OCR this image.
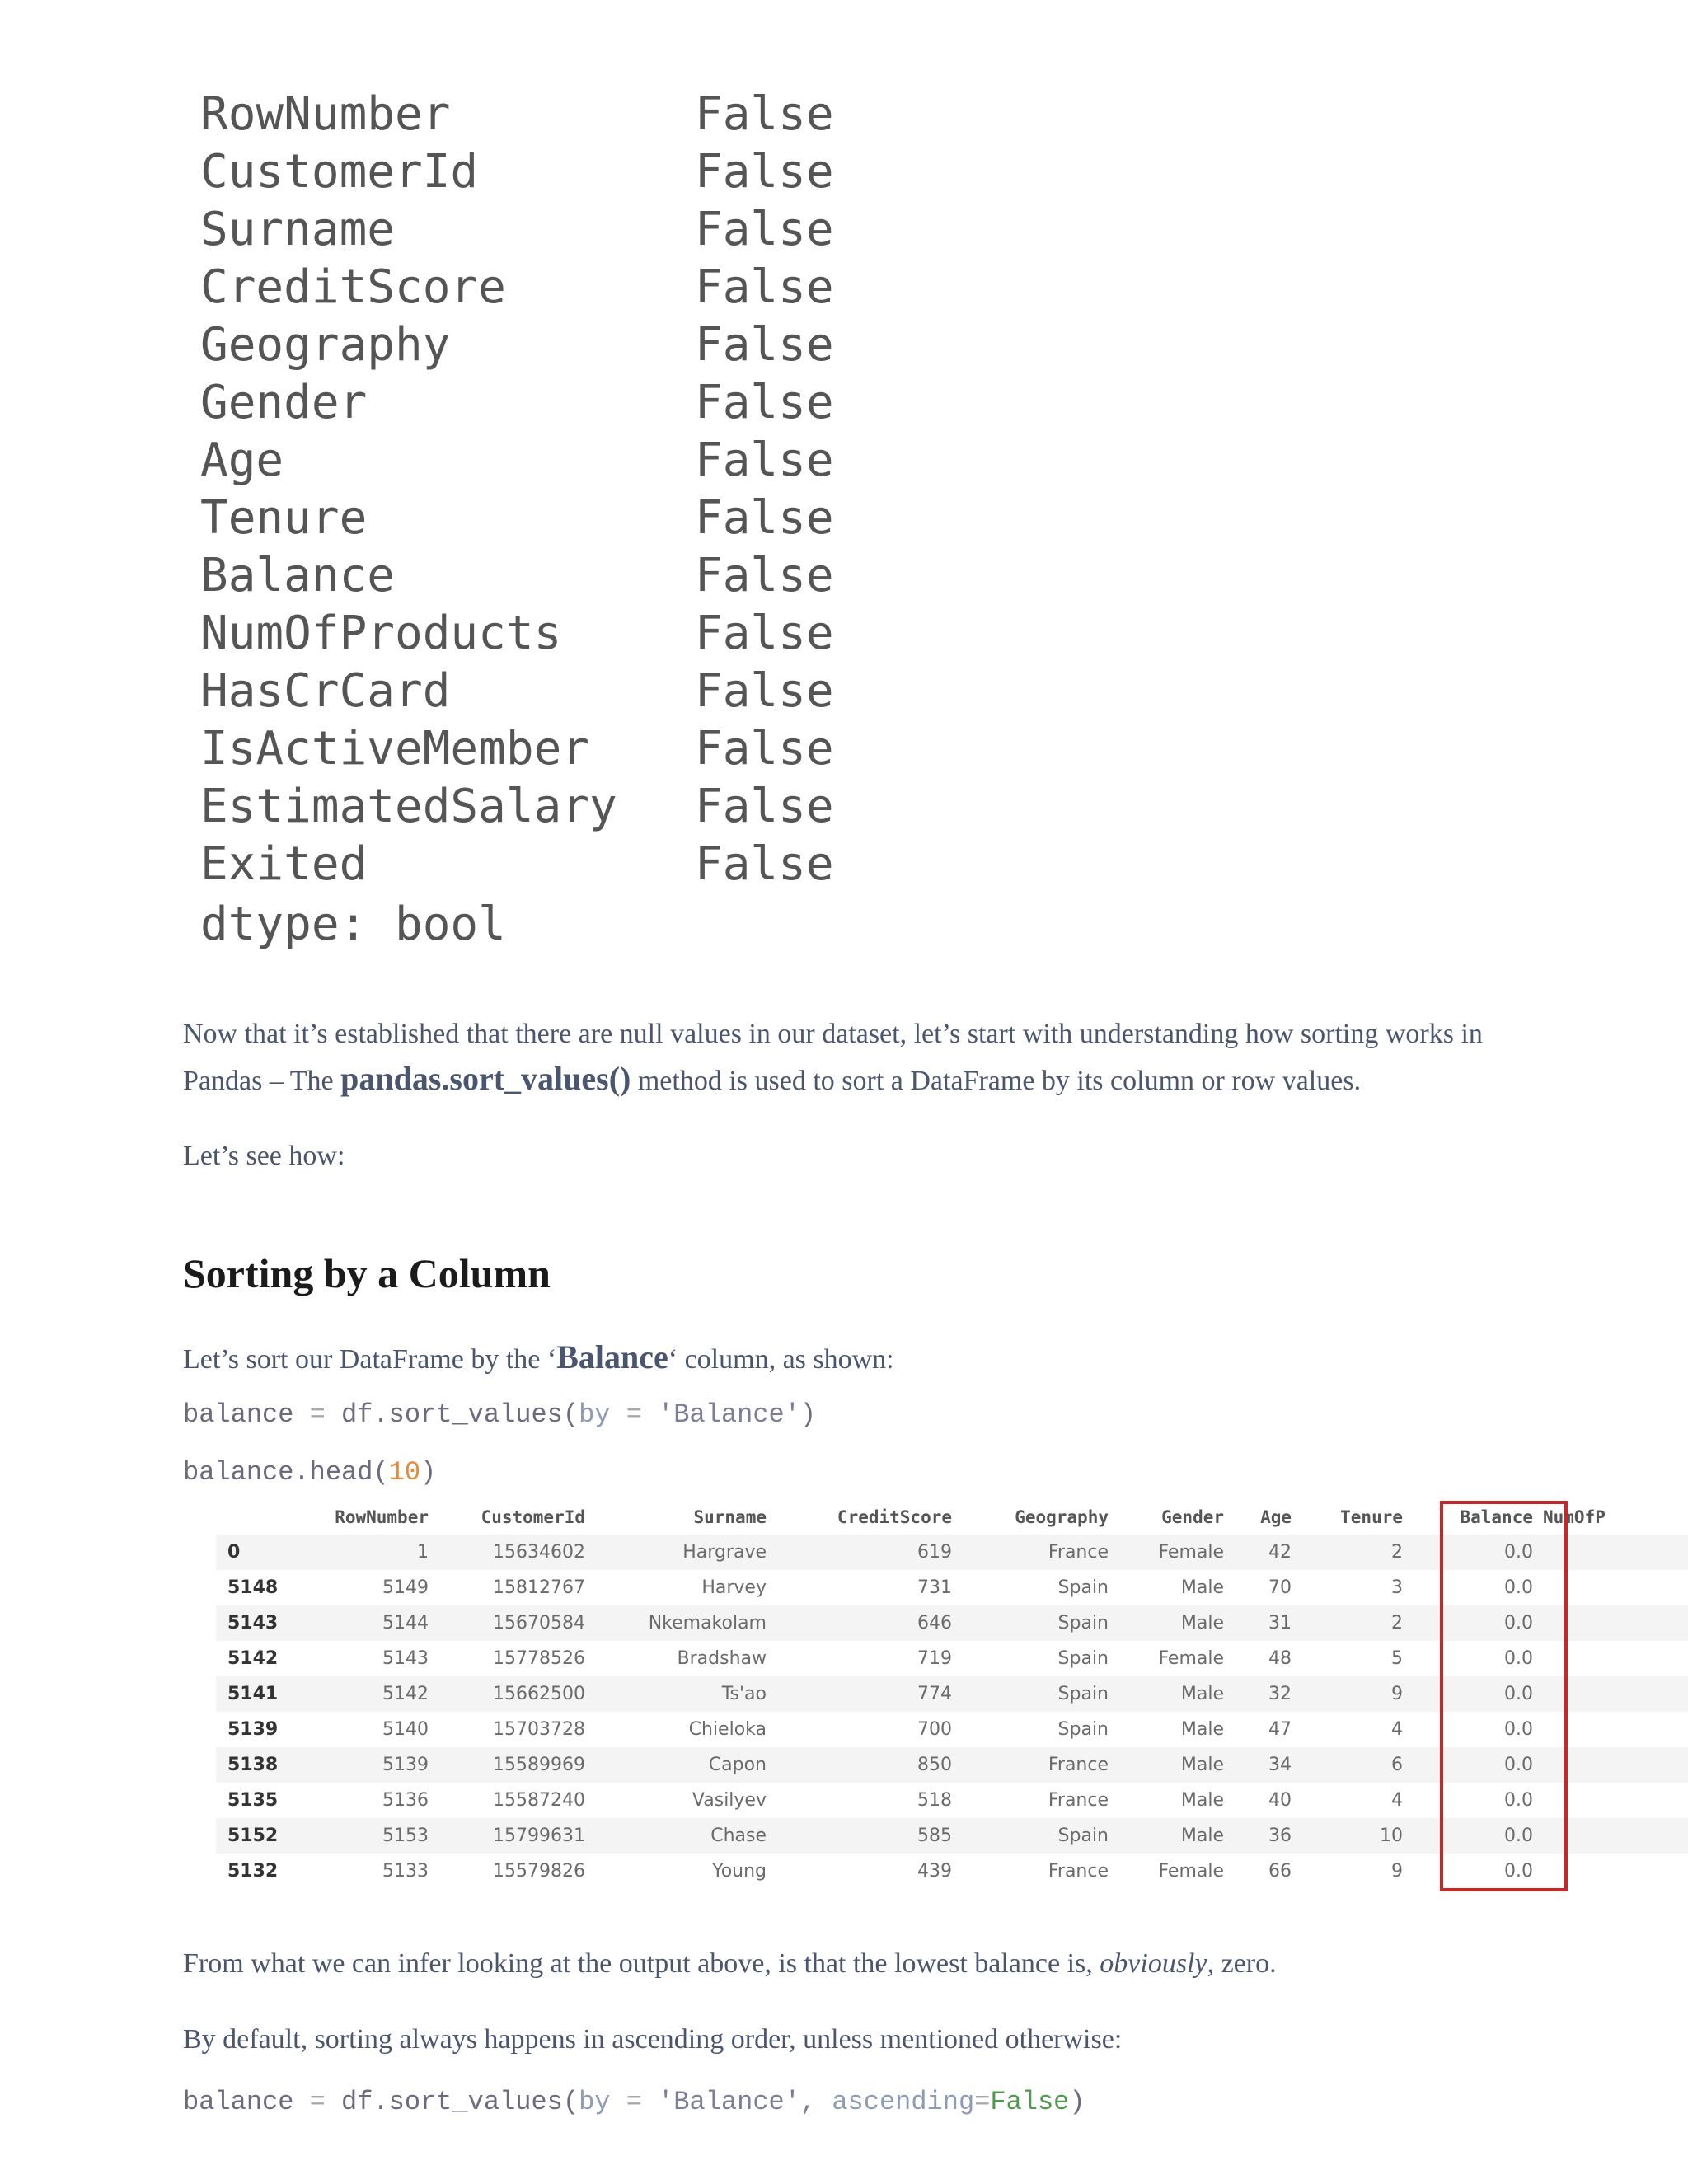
RowNumber	False
CustomerId	False
Surname	False
CreditScore	False
Geography	False
Gender	False
Age	False
Tenure	False
Balance	False
NumOfProducts	False
HasCrCard	False
IsActiveMember False
EstimatedSalary False
Exited	False
dtype: bool
Now that it’s established that there are null values in our dataset, let’s start with understanding how sorting works in
Pandas – The pandas.sort_values() method is used to sort a DataFrame by its column or row values.
Let’s see how:
Sorting by a Column
Let’s sort our DataFrame by the ‘Balance‘ column, as shown:
balance = df.sort_values(by = 'Balance')
balance.head(10)
	RowNumber	CustomerId	Surname	CreditScore	Geography	Gender	Age	Tenure	Balance	NumOfP
0	1	15634602	Hargrave	619	France	Female	42	2	0.0	
5148	5149	15812767	Harvey	731	Spain	Male	70	3	0.0	
5143	5144	15670584	Nkemakolam	646	Spain	Male	31	2	0.0	
5142	5143	15778526	Bradshaw	719	Spain	Female	48	5	0.0	
5141	5142	15662500	Ts'ao	774	Spain	Male	32	9	0.0	
5139	5140	15703728	Chieloka	700	Spain	Male	47	4	0.0	
5138	5139	15589969	Capon	850	France	Male	34	6	0.0	
5135	5136	15587240	Vasilyev	518	France	Male	40	4	0.0	
5152	5153	15799631	Chase	585	Spain	Male	36	10	0.0	
5132	5133	15579826	Young	439	France	Female	66	9	0.0	
From what we can infer looking at the output above, is that the lowest balance is, obviously, zero.
By default, sorting always happens in ascending order, unless mentioned otherwise:
balance = df.sort_values(by = 'Balance', ascending=False)
